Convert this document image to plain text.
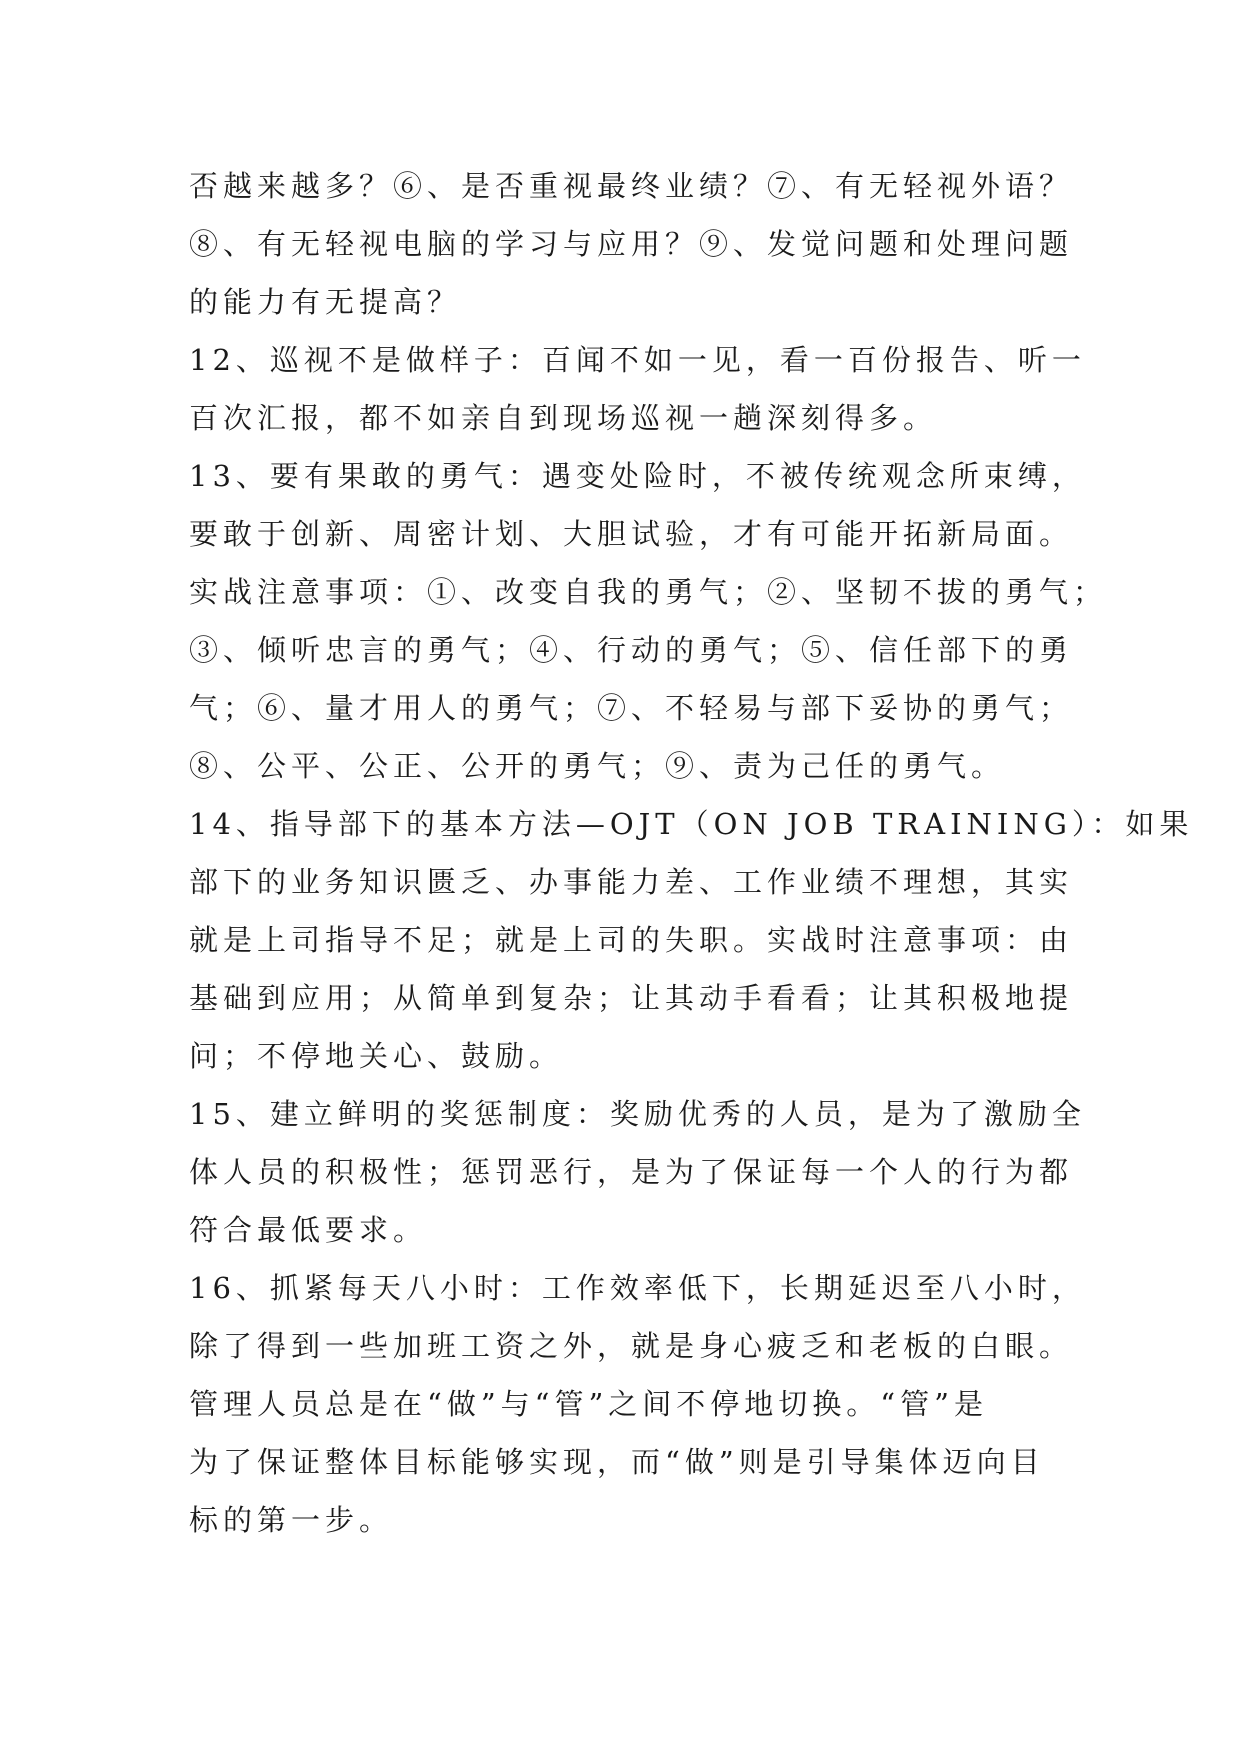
否越来越多？⑥、是否重视最终业绩？⑦、有无轻视外语？
⑧、有无轻视电脑的学习与应用？⑨、发觉问题和处理问题
的能力有无提高？
12、巡视不是做样子：百闻不如一见，看一百份报告、听一
百次汇报，都不如亲自到现场巡视一趟深刻得多。
13、要有果敢的勇气：遇变处险时，不被传统观念所束缚，
要敢于创新、周密计划、大胆试验，才有可能开拓新局面。
实战注意事项：①、改变自我的勇气；②、坚韧不拔的勇气；
③、倾听忠言的勇气；④、行动的勇气；⑤、信任部下的勇
气；⑥、量才用人的勇气；⑦、不轻易与部下妥协的勇气；
⑧、公平、公正、公开的勇气；⑨、责为己任的勇气。
14、指导部下的基本方法—OJT（ON JOB TRAINING）：如果
部下的业务知识匮乏、办事能力差、工作业绩不理想，其实
就是上司指导不足；就是上司的失职。实战时注意事项：由
基础到应用；从简单到复杂；让其动手看看；让其积极地提
问；不停地关心、鼓励。
15、建立鲜明的奖惩制度：奖励优秀的人员，是为了激励全
体人员的积极性；惩罚恶行，是为了保证每一个人的行为都
符合最低要求。
16、抓紧每天八小时：工作效率低下，长期延迟至八小时，
除了得到一些加班工资之外，就是身心疲乏和老板的白眼。
管理人员总是在“做”与“管”之间不停地切换。“管”是
为了保证整体目标能够实现，而“做”则是引导集体迈向目
标的第一步。
